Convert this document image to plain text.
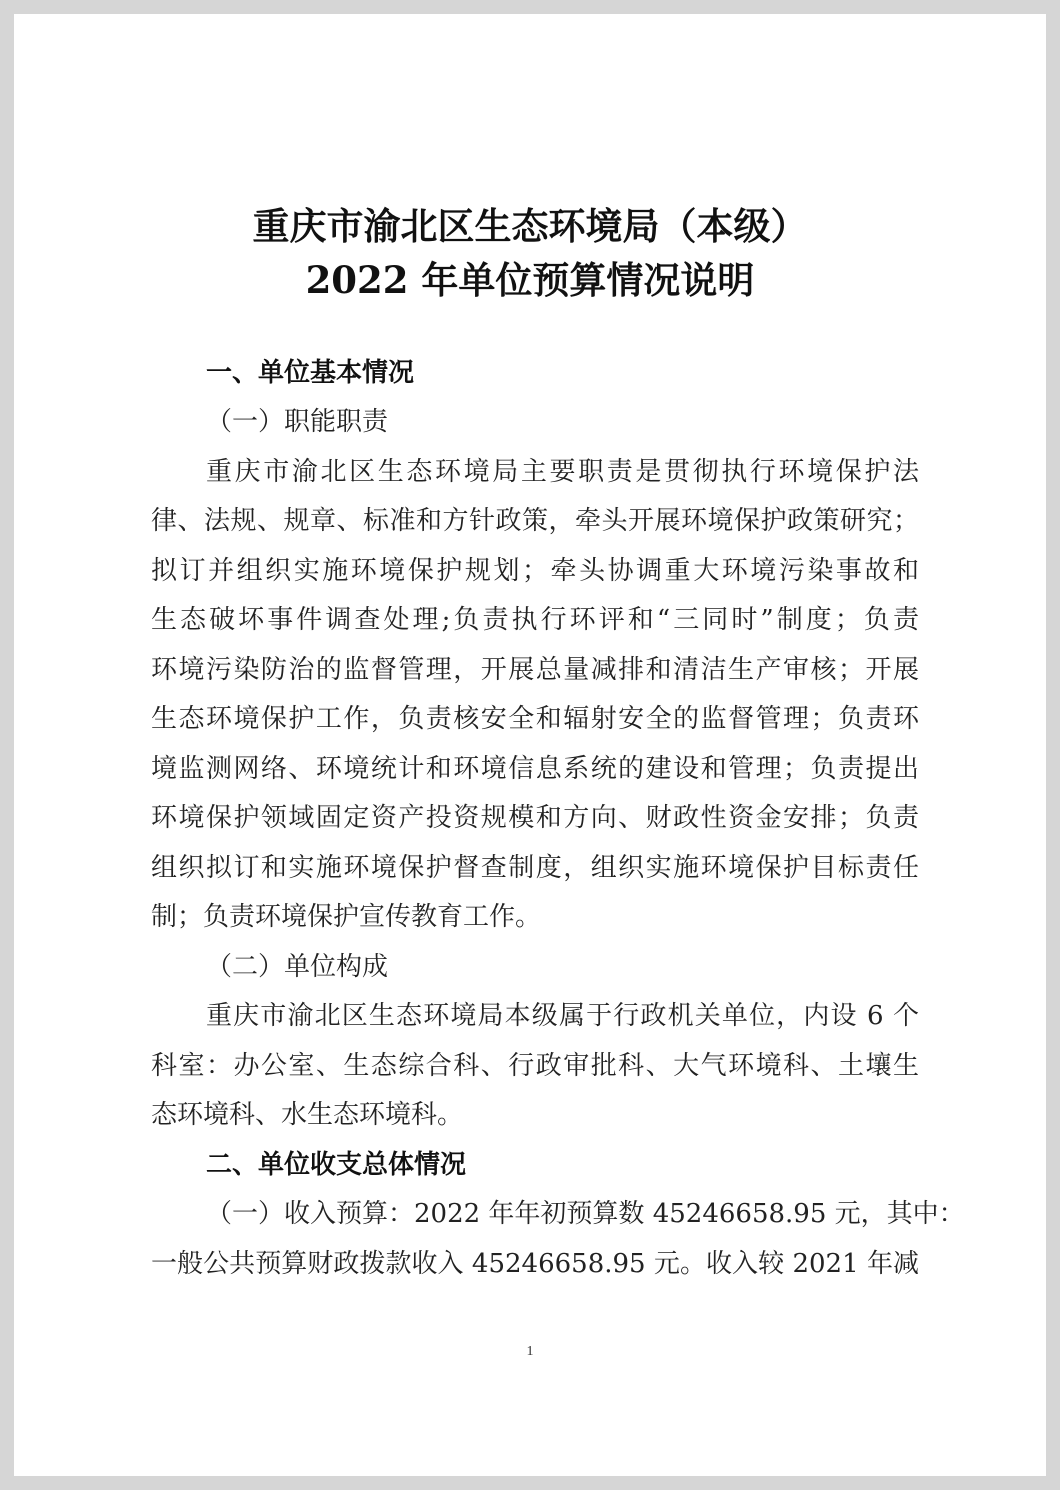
重庆市渝北区生态环境局（本级）
2022 年单位预算情况说明
一、单位基本情况
（一）职能职责
重庆市渝北区生态环境局主要职责是贯彻执行环境保护法
律、法规、规章、标准和方针政策，牵头开展环境保护政策研究；
拟订并组织实施环境保护规划；牵头协调重大环境污染事故和
生态破坏事件调查处理;负责执行环评和“三同时”制度；负责
环境污染防治的监督管理，开展总量减排和清洁生产审核；开展
生态环境保护工作，负责核安全和辐射安全的监督管理；负责环
境监测网络、环境统计和环境信息系统的建设和管理；负责提出
环境保护领域固定资产投资规模和方向、财政性资金安排；负责
组织拟订和实施环境保护督查制度，组织实施环境保护目标责任
制；负责环境保护宣传教育工作。
（二）单位构成
重庆市渝北区生态环境局本级属于行政机关单位，内设 6 个
科室：办公室、生态综合科、行政审批科、大气环境科、土壤生
态环境科、水生态环境科。
二、单位收支总体情况
（一）收入预算：2022 年年初预算数 45246658.95 元，其中：
一般公共预算财政拨款收入 45246658.95 元。收入较 2021 年减
1
